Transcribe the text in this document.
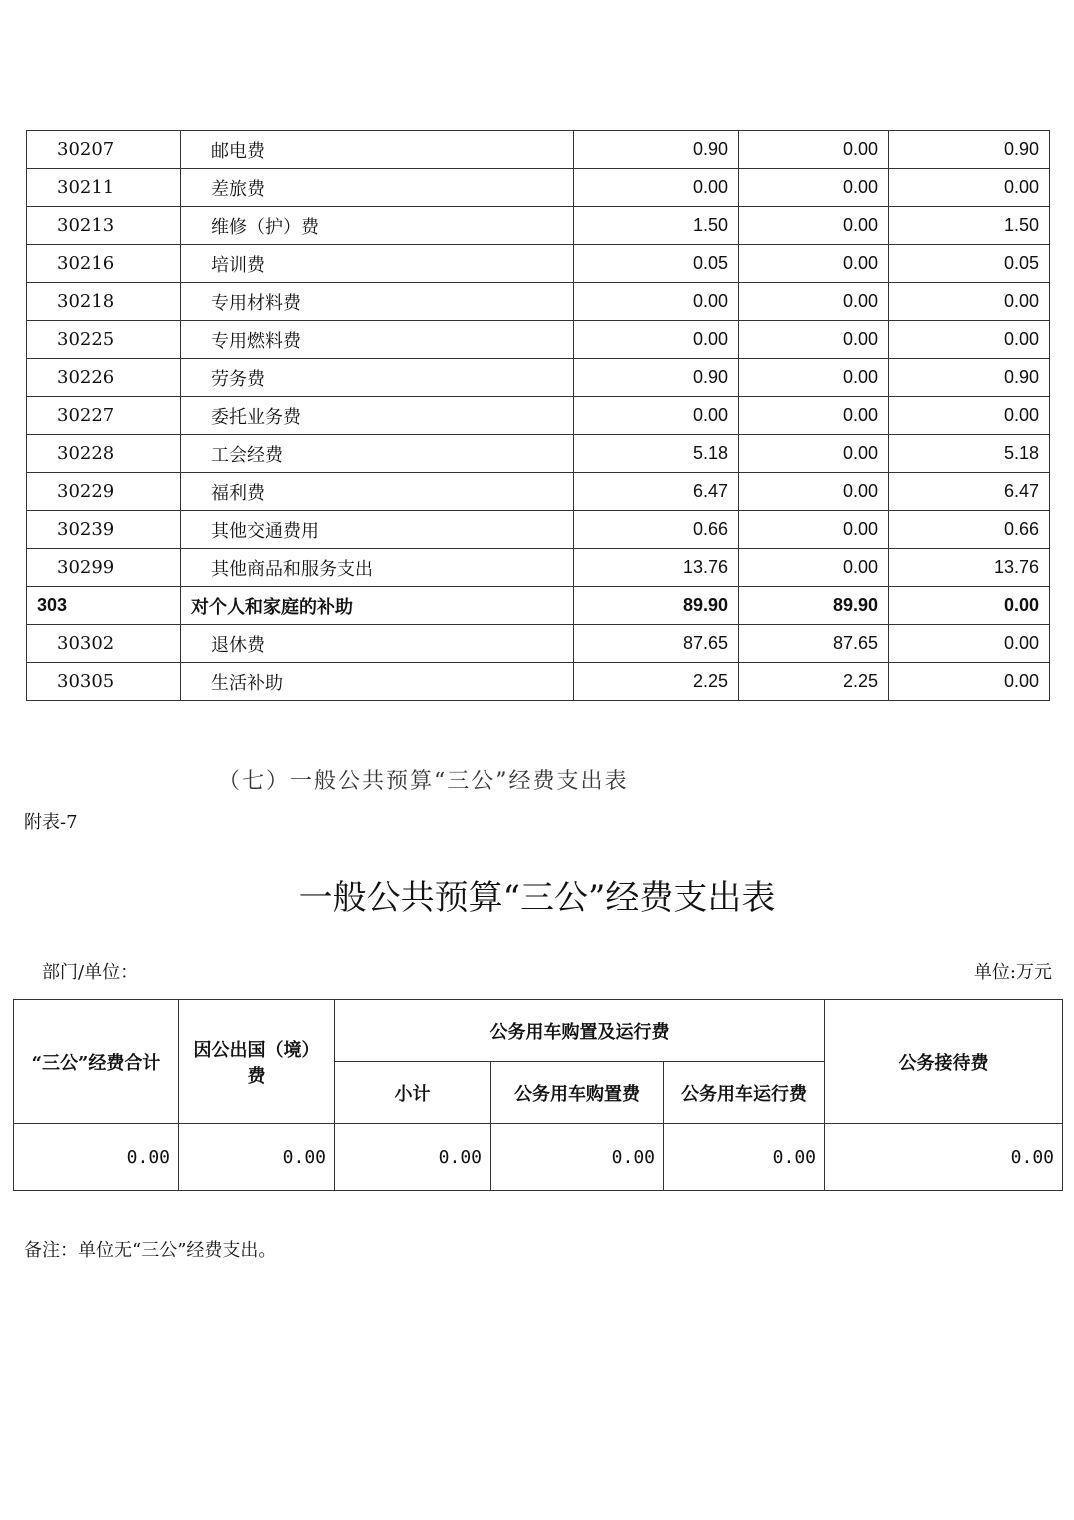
30207	邮电费	0.90	0.00	0.90
30211	差旅费	0.00	0.00	0.00
30213	维修（护）费	1.50	0.00	1.50
30216	培训费	0.05	0.00	0.05
30218	专用材料费	0.00	0.00	0.00
30225	专用燃料费	0.00	0.00	0.00
30226	劳务费	0.90	0.00	0.90
30227	委托业务费	0.00	0.00	0.00
30228	工会经费	5.18	0.00	5.18
30229	福利费	6.47	0.00	6.47
30239	其他交通费用	0.66	0.00	0.66
30299	其他商品和服务支出	13.76	0.00	13.76
303	对个人和家庭的补助	89.90	89.90	0.00
30302	退休费	87.65	87.65	0.00
30305	生活补助	2.25	2.25	0.00
（七）一般公共预算“三公”经费支出表
附表-7
一般公共预算“三公”经费支出表
部门/单位：	单位:万元
“三公”经费合计	因公出国（境）费	公务用车购置及运行费			公务接待费
		小计	公务用车购置费	公务用车运行费	
0.00	0.00	0.00	0.00	0.00	0.00
备注：单位无“三公”经费支出。
